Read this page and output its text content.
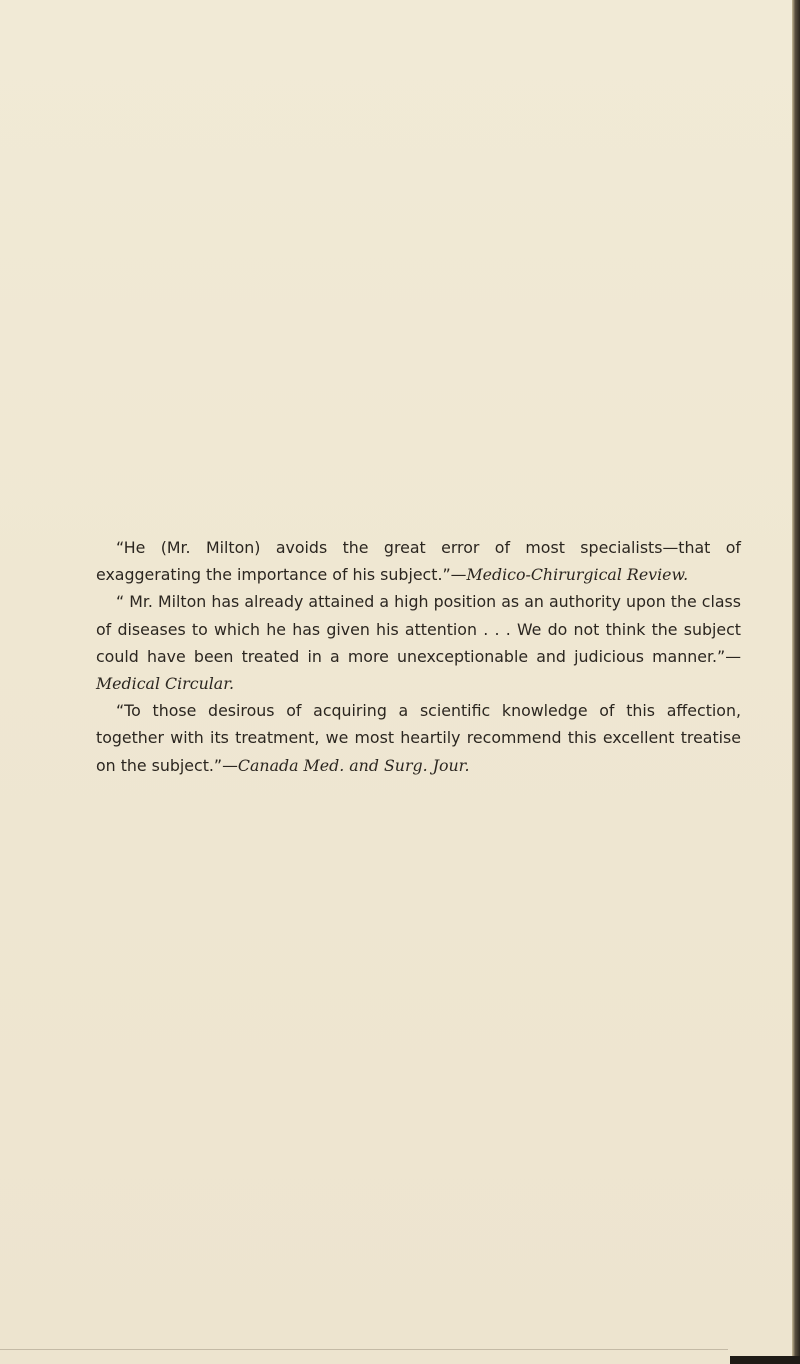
“He (Mr. Milton) avoids the great error of most specialists—that of exaggerating the importance of his subject.”—Medico-Chirurgical Review.

“ Mr. Milton has already attained a high position as an authority upon the class of diseases to which he has given his attention . . . We do not think the subject could have been treated in a more unexceptionable and judicious manner.”—Medical Circular.

“To those desirous of acquiring a scientific knowledge of this affection, together with its treatment, we most heartily recommend this excellent treatise on the subject.”—Canada Med. and Surg. Jour.
